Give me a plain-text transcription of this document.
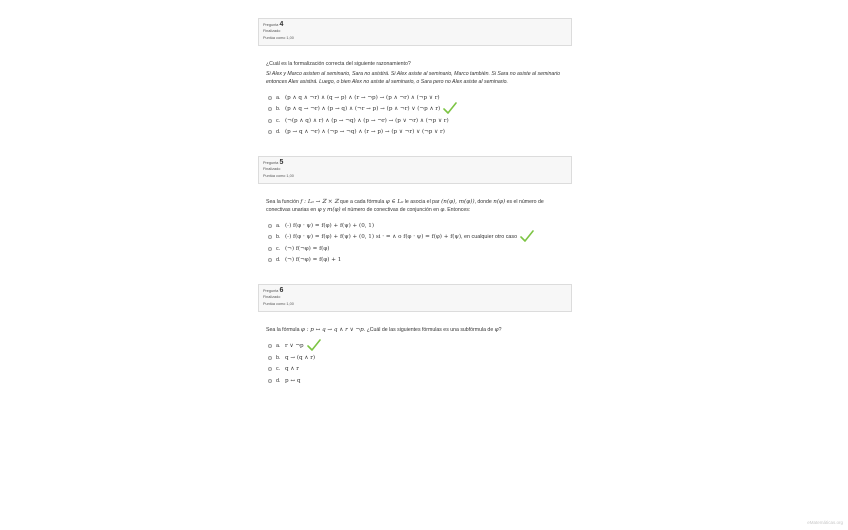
Pregunta 4
Finalizado
Puntúa como 1,00
¿Cuál es la formalización correcta del siguiente razonamiento?
Si Alex y Marco asisten al seminario, Sara no asistirá. Si Alex asiste al seminario, Marco también. Si Sara no asiste al seminario entonces Alex asistirá. Luego, o bien Alex no asiste al seminario, o Sara pero no Alex asiste al seminario.
a. (p ∧ q ∧ ¬r) ∧ (q → p) ∧ (r → ¬p) → (p ∧ ¬r) ∧ (¬p ∨ r)
b. (p ∧ q → ¬r) ∧ (p → q) ∧ (¬r → p) → (p ∧ ¬r) ∨ (¬p ∧ r)
c. (¬(p ∧ q) ∧ r) ∧ (p → ¬q) ∧ (p → ¬r) → (p ∨ ¬r) ∧ (¬p ∨ r)
d. (p → q ∧ ¬r) ∧ (¬p → ¬q) ∧ (r → p) → (p ∨ ¬r) ∨ (¬p ∨ r)
Pregunta 5
Finalizado
Puntúa como 1,00
Sea la función f : L₀ → ℤ × ℤ que a cada fórmula φ ∈ L₀ le asocia el par (n(φ), m(φ)), donde n(φ) es el número de conectivas unarias en φ y m(φ) el número de conectivas de conjunción en φ. Entonces:
a. (-) f(φ · ψ) = f(φ) + f(ψ) + (0, 1)
b. (-) f(φ · ψ) = f(φ) + f(ψ) + (0, 1) si · = ∧ o f(φ · ψ) = f(φ) + f(ψ) , en cualquier otro caso
c. (¬) f(¬φ) = f(φ)
d. (¬) f(¬φ) = f(φ) + 1
Pregunta 6
Finalizado
Puntúa como 1,00
Sea la fórmula φ : p ↔ q → q ∧ r ∨ ¬p. ¿Cuál de las siguientes fórmulas es una subfórmula de φ?
a. r ∨ ¬p
b. q → (q ∧ r)
c. q ∧ r
d. p ↔ q
eMatemáticas.org
